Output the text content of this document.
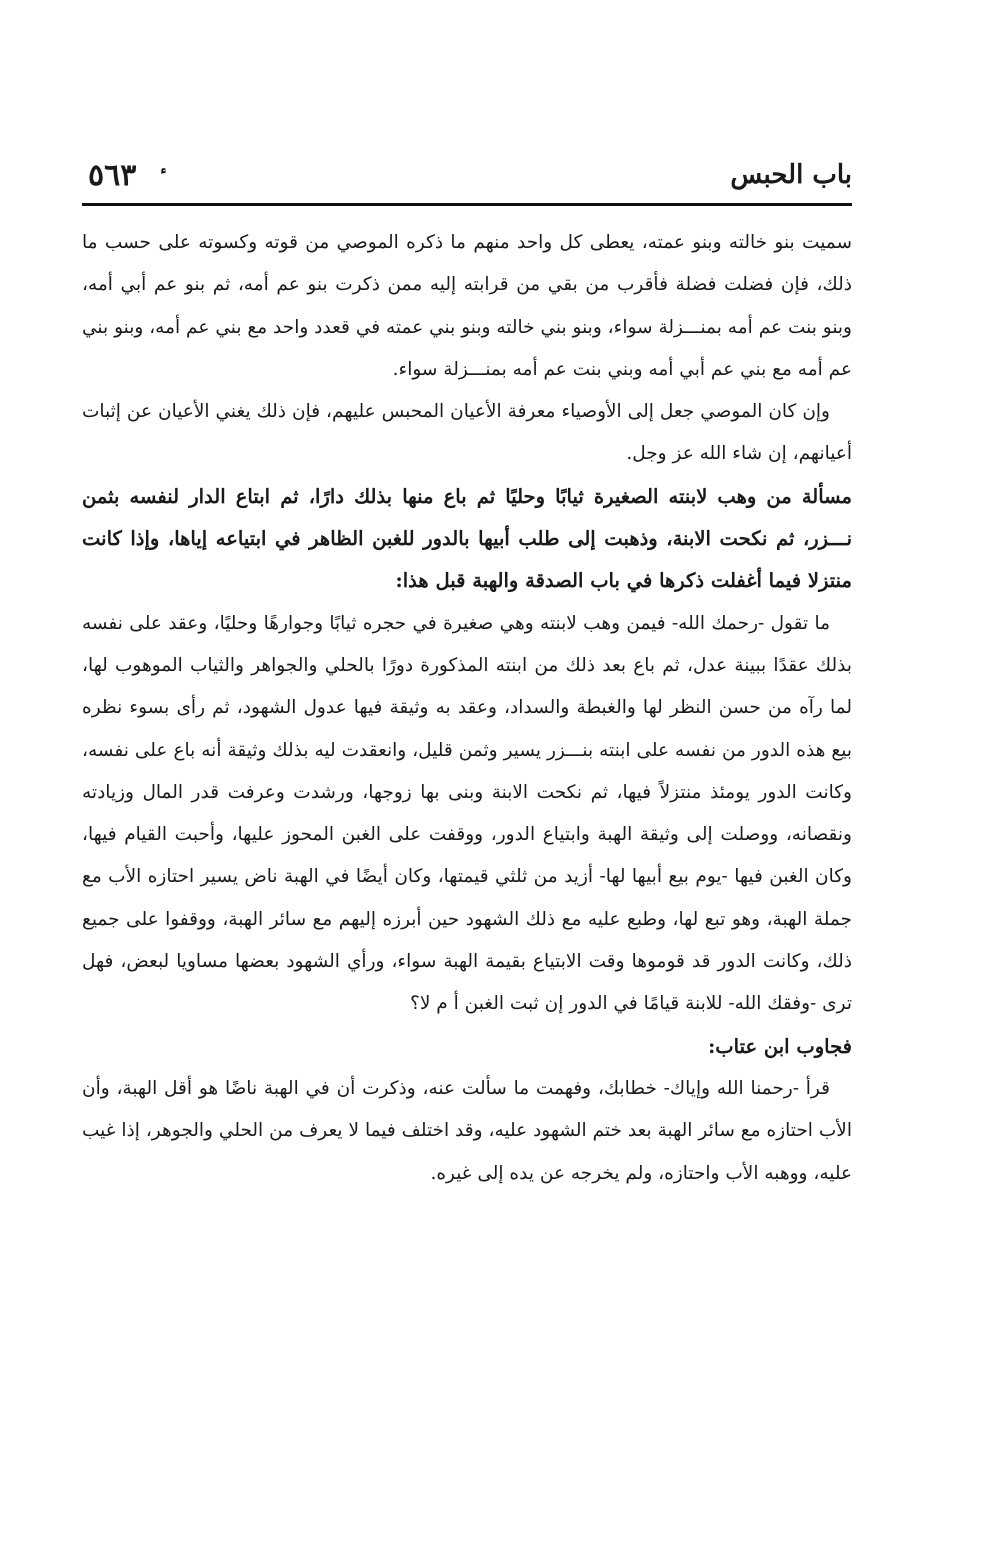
باب الحبس
٥٦٣

سميت بنو خالته وبنو عمته، يعطى كل واحد منهم ما ذكره الموصي من قوته وكسوته على حسب ما ذلك، فإن فضلت فضلة فأقرب من بقي من قرابته إليه ممن ذكرت بنو عم أمه، ثم بنو عم أبي أمه، وبنو بنت عم أمه بمنـــزلة سواء، وبنو بني خالته وبنو بني عمته في قعدد واحد مع بني عم أمه، وبنو بني عم أمه مع بني عم أبي أمه وبني بنت عم أمه بمنـــزلة سواء.

وإن كان الموصي جعل إلى الأوصياء معرفة الأعيان المحبس عليهم، فإن ذلك يغني الأعيان عن إثبات أعيانهم، إن شاء الله عز وجل.

مسألة من وهب لابنته الصغيرة ثيابًا وحليًا ثم باع منها بذلك دارًا، ثم ابتاع الدار لنفسه بثمن نـــزر، ثم نكحت الابنة، وذهبت إلى طلب أبيها بالدور للغبن الظاهر في ابتياعه إياها، وإذا كانت منتزلا فيما أغفلت ذكرها في باب الصدقة والهبة قبل هذا:

ما تقول -رحمك الله- فيمن وهب لابنته وهي صغيرة في حجره ثيابًا وجوارهًا وحليًا، وعقد على نفسه بذلك عقدًا ببينة عدل، ثم باع بعد ذلك من ابنته المذكورة دورًا بالحلي والجواهر والثياب الموهوب لها، لما رآه من حسن النظر لها والغبطة والسداد، وعقد به وثيقة فيها عدول الشهود، ثم رأى بسوء نظره بيع هذه الدور من نفسه على ابنته بنـــزر يسير وثمن قليل، وانعقدت ليه بذلك وثيقة أنه باع على نفسه، وكانت الدور يومئذ منتزلاً فيها، ثم نكحت الابنة وبنى بها زوجها، ورشدت وعرفت قدر المال وزيادته ونقصانه، ووصلت إلى وثيقة الهبة وابتياع الدور، ووقفت على الغبن المحوز عليها، وأحبت القيام فيها، وكان الغبن فيها -يوم بيع أبيها لها- أزيد من ثلثي قيمتها، وكان أيضًا في الهبة ناض يسير احتازه الأب مع جملة الهبة، وهو تبع لها، وطبع عليه مع ذلك الشهود حين أبرزه إليهم مع سائر الهبة، ووقفوا على جميع ذلك، وكانت الدور قد قوموها وقت الابتياع بقيمة الهبة سواء، ورأي الشهود بعضها مساويا لبعض، فهل ترى -وفقك الله- للابنة قيامًا في الدور إن ثبت الغبن أ م لا؟

فجاوب ابن عتاب:

قرأ -رحمنا الله وإياك- خطابك، وفهمت ما سألت عنه، وذكرت أن في الهبة ناضًا هو أقل الهبة، وأن الأب احتازه مع سائر الهبة بعد ختم الشهود عليه، وقد اختلف فيما لا يعرف من الحلي والجوهر، إذا غيب عليه، ووهبه الأب واحتازه، ولم يخرجه عن يده إلى غيره.
